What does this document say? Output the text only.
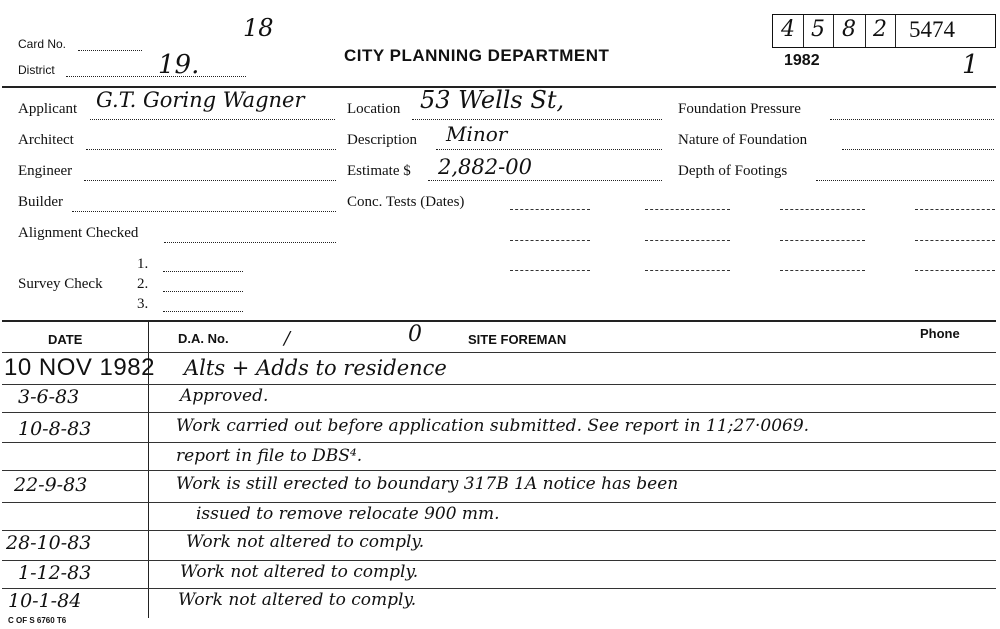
Card No.
18
District	19.	CITY PLANNING DEPARTMENT
4 5 8 2 5474
1982	1
Applicant G.T. Goring Wagner
Architect
Engineer
Builder
Alignment Checked
Survey Check
1.
2.
3.
Location 53 Wells St,
Description Minor
Estimate $ 2,882-00
Conc. Tests (Dates)
Foundation Pressure
Nature of Foundation
Depth of Footings
DATE	D.A. No.	/	0	SITE FOREMAN	Phone
10 NOV 1982 Alts + Adds to residence
3-6-83	Approved.
10-8-83	Work carried out before application submitted. See report in 11;27·0069.
report in file to DBS⁴.
22-9-83	Work is still erected to boundary 317B 1A notice has been
issued to remove relocate 900 mm.
28-10-83	Work not altered to comply.
1-12-83	Work not altered to comply.
10-1-84	Work not altered to comply.
C OF S 6760 T6
